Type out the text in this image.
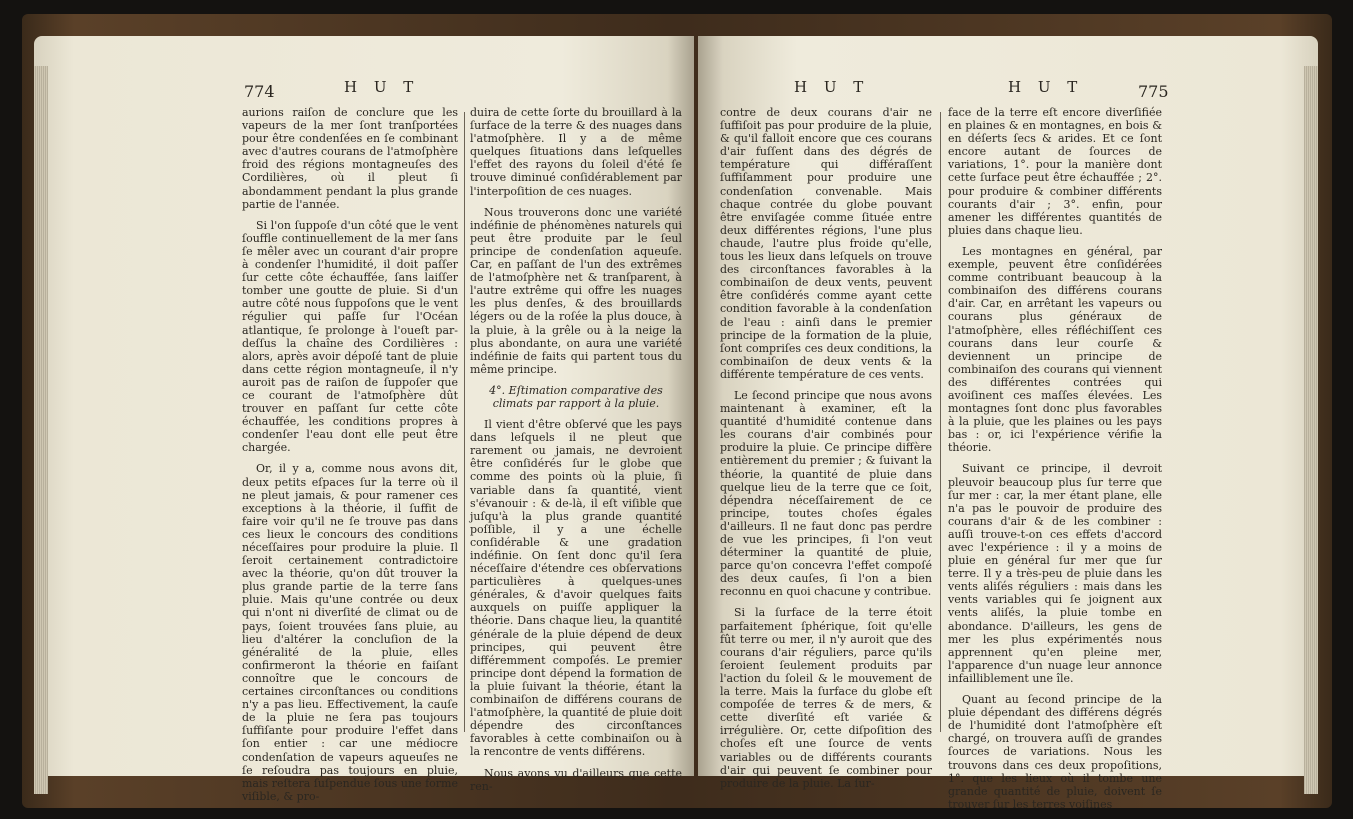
774	H U T

aurions raiſon de conclure que les vapeurs de la mer ſont tranſportées pour être condenſées en ſe combinant avec d'autres courans de l'atmoſphère froid des régions montagneuſes des Cordilières, où il pleut ſi abondamment pendant la plus grande partie de l'année.

Si l'on ſuppoſe d'un côté que le vent ſouffle continuellement de la mer ſans ſe mêler avec un courant d'air propre à condenſer l'humidité, il doit paſſer ſur cette côte échauffée, ſans laiſſer tomber une goutte de pluie. Si d'un autre côté nous ſuppoſons que le vent régulier qui paſſe ſur l'Océan atlantique, ſe prolonge à l'oueſt par-deſſus la chaîne des Cordilières : alors, après avoir dépoſé tant de pluie dans cette région montagneuſe, il n'y auroit pas de raiſon de ſuppoſer que ce courant de l'atmoſphère dût trouver en paſſant ſur cette côte échauffée, les conditions propres à condenſer l'eau dont elle peut être chargée.

Or, il y a, comme nous avons dit, deux petits eſpaces ſur la terre où il ne pleut jamais, & pour ramener ces exceptions à la théorie, il ſuffit de faire voir qu'il ne ſe trouve pas dans ces lieux le concours des conditions néceſſaires pour produire la pluie. Il ſeroit certainement contradictoire avec la théorie, qu'on dût trouver la plus grande partie de la terre ſans pluie. Mais qu'une contrée ou deux qui n'ont ni diverſité de climat ou de pays, ſoient trouvées ſans pluie, au lieu d'altérer la concluſion de la généralité de la pluie, elles confirmeront la théorie en faiſant connoître que le concours de certaines circonſtances ou conditions n'y a pas lieu. Effectivement, la cauſe de la pluie ne ſera pas toujours ſuffiſante pour produire l'effet dans ſon entier : car une médiocre condenſation de vapeurs aqueuſes ne ſe reſoudra pas toujours en pluie, mais reſtera ſuſpendue ſous une forme viſible, & pro-

duira de cette ſorte du brouillard à la ſurface de la terre & des nuages dans l'atmoſphère. Il y a de même quelques ſituations dans leſquelles l'effet des rayons du ſoleil d'été ſe trouve diminué conſidérablement par l'interpoſition de ces nuages.

Nous trouverons donc une variété indéfinie de phénomènes naturels qui peut être produite par le ſeul principe de condenſation aqueuſe. Car, en paſſant de l'un des extrêmes de l'atmoſphère net & tranſparent, à l'autre extrême qui offre les nuages les plus denſes, & des brouillards légers ou de la roſée la plus douce, à la pluie, à la grêle ou à la neige la plus abondante, on aura une variété indéfinie de faits qui partent tous du même principe.

4°. Eſtimation comparative des climats par rapport à la pluie.

Il vient d'être obſervé que les pays dans leſquels il ne pleut que rarement ou jamais, ne devroient être conſidérés ſur le globe que comme des points où la pluie, ſi variable dans ſa quantité, vient s'évanouir : & de-là, il eſt viſible que juſqu'à la plus grande quantité poſſible, il y a une échelle conſidérable & une gradation indéfinie. On ſent donc qu'il ſera néceſſaire d'étendre ces obſervations particulières à quelques-unes générales, & d'avoir quelques faits auxquels on puiſſe appliquer la théorie. Dans chaque lieu, la quantité générale de la pluie dépend de deux principes, qui peuvent être différemment compoſés. Le premier principe dont dépend la formation de la pluie ſuivant la théorie, étant la combinaiſon de différens courans de l'atmoſphère, la quantité de pluie doit dépendre des circonſtances favorables à cette combinaiſon ou à la rencontre de vents différens.

Nous avons vu d'ailleurs que cette ren-

H U T	H U T	775

contre de deux courans d'air ne ſuffiſoit pas pour produire de la pluie, & qu'il falloit encore que ces courans d'air fuſſent dans des dégrés de température qui différaſſent ſuffiſamment pour produire une condenſation convenable. Mais chaque contrée du globe pouvant être enviſagée comme ſituée entre deux différentes régions, l'une plus chaude, l'autre plus froide qu'elle, tous les lieux dans leſquels on trouve des circonſtances favorables à la combinaiſon de deux vents, peuvent être conſidérés comme ayant cette condition favorable à la condenſation de l'eau : ainſi dans le premier principe de la formation de la pluie, ſont compriſes ces deux conditions, la combinaiſon de deux vents & la différente température de ces vents.

Le ſecond principe que nous avons maintenant à examiner, eſt la quantité d'humidité contenue dans les courans d'air combinés pour produire la pluie. Ce principe diffère entièrement du premier ; & ſuivant la théorie, la quantité de pluie dans quelque lieu de la terre que ce ſoit, dépendra néceſſairement de ce principe, toutes choſes égales d'ailleurs. Il ne faut donc pas perdre de vue les principes, ſi l'on veut déterminer la quantité de pluie, parce qu'on concevra l'effet compoſé des deux cauſes, ſi l'on a bien reconnu en quoi chacune y contribue.

Si la ſurface de la terre étoit parfaitement ſphérique, ſoit qu'elle fût terre ou mer, il n'y auroit que des courans d'air réguliers, parce qu'ils ſeroient ſeulement produits par l'action du ſoleil & le mouvement de la terre. Mais la ſurface du globe eſt compoſée de terres & de mers, & cette diverſité eſt variée & irrégulière. Or, cette diſpoſition des choſes eſt une ſource de vents variables ou de différents courants d'air qui peuvent ſe combiner pour produire de la pluie. La ſur-

face de la terre eſt encore diverſifiée en plaines & en montagnes, en bois & en déſerts ſecs & arides. Et ce ſont encore autant de ſources de variations, 1°. pour la manière dont cette ſurface peut être échauffée ; 2°. pour produire & combiner différents courants d'air ; 3°. enfin, pour amener les différentes quantités de pluies dans chaque lieu.

Les montagnes en général, par exemple, peuvent être conſidérées comme contribuant beaucoup à la combinaiſon des différens courans d'air. Car, en arrêtant les vapeurs ou courans plus généraux de l'atmoſphère, elles réfléchiſſent ces courans dans leur courſe & deviennent un principe de combinaiſon des courans qui viennent des différentes contrées qui avoiſinent ces maſſes élevées. Les montagnes ſont donc plus favorables à la pluie, que les plaines ou les pays bas : or, ici l'expérience vérifie la théorie.

Suivant ce principe, il devroit pleuvoir beaucoup plus ſur terre que ſur mer : car, la mer étant plane, elle n'a pas le pouvoir de produire des courans d'air & de les combiner : auſſi trouve-t-on ces effets d'accord avec l'expérience : il y a moins de pluie en général ſur mer que ſur terre. Il y a très-peu de pluie dans les vents aliſés réguliers : mais dans les vents variables qui ſe joignent aux vents aliſés, la pluie tombe en abondance. D'ailleurs, les gens de mer les plus expérimentés nous apprennent qu'en pleine mer, l'apparence d'un nuage leur annonce infailliblement une île.

Quant au ſecond principe de la pluie dépendant des différens dégrés de l'humidité dont l'atmoſphère eſt chargé, on trouvera auſſi de grandes ſources de variations. Nous les trouvons dans ces deux propoſitions, 1°. que les lieux où il tombe une grande quantité de pluie, doivent ſe trouver ſur les terres voiſines
